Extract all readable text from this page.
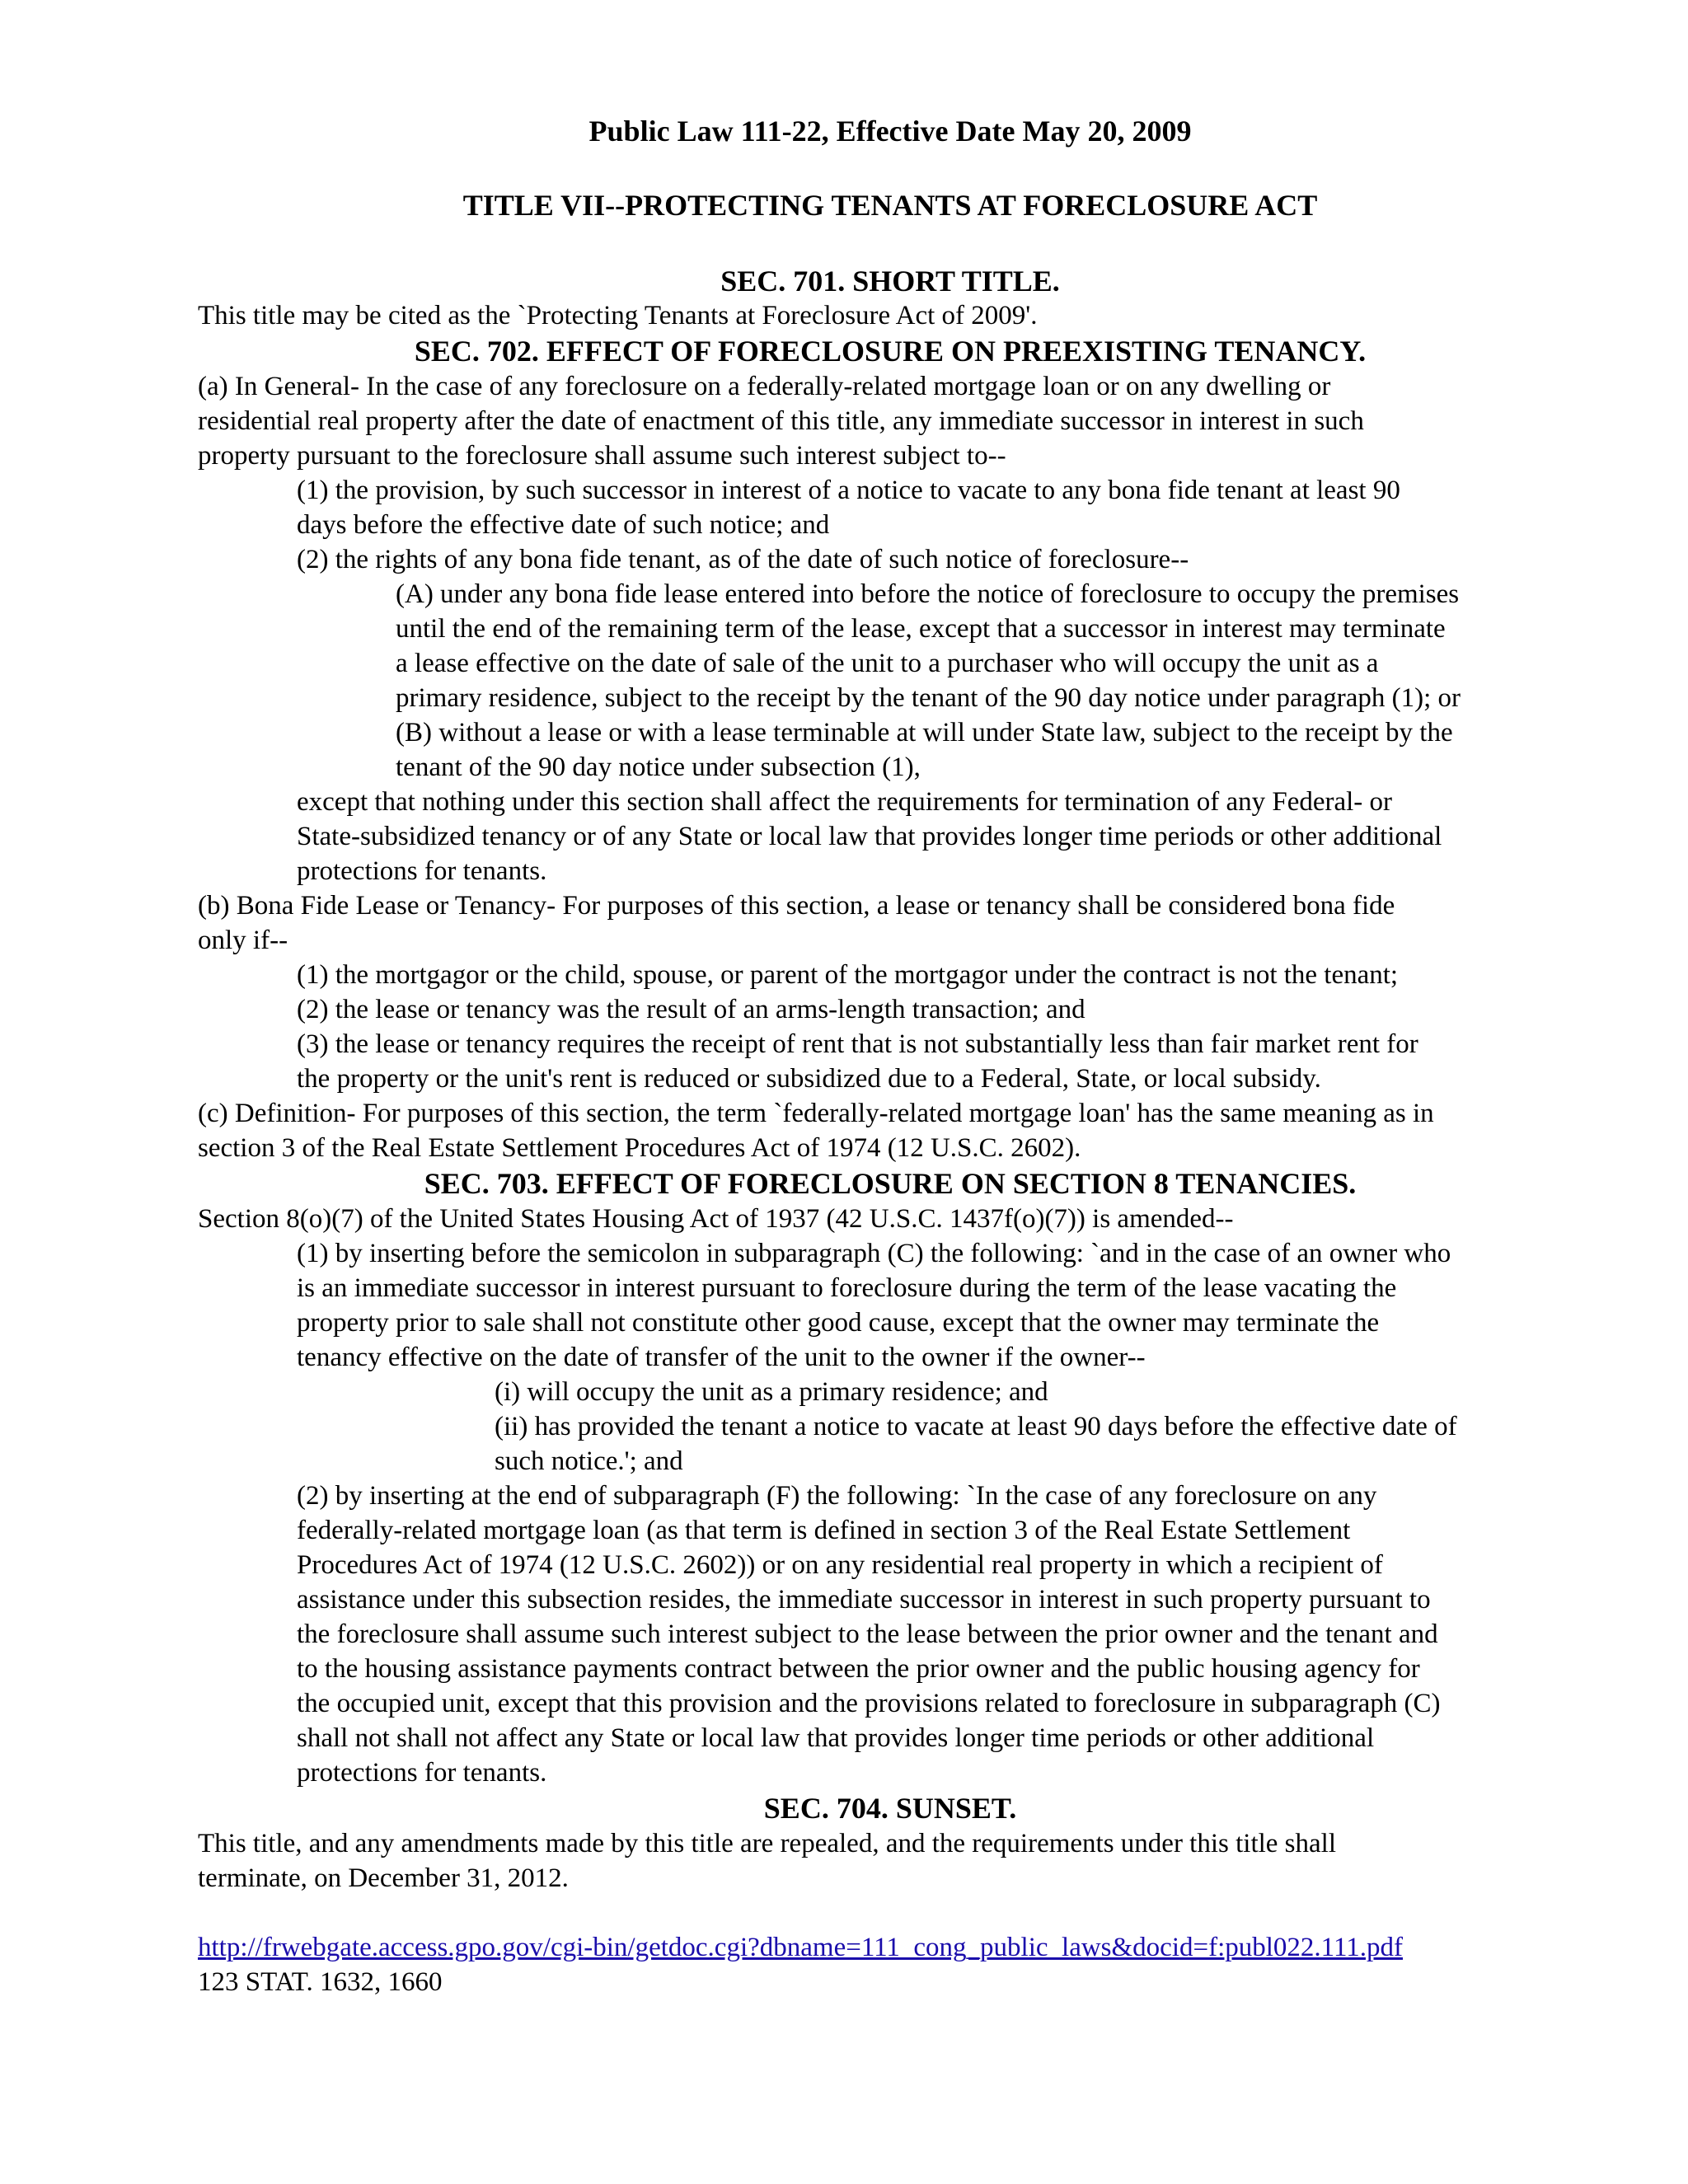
Public Law 111-22, Effective Date May 20, 2009
TITLE VII--PROTECTING TENANTS AT FORECLOSURE ACT
SEC. 701. SHORT TITLE.

This title may be cited as the `Protecting Tenants at Foreclosure Act of 2009'.

SEC. 702. EFFECT OF FORECLOSURE ON PREEXISTING TENANCY.

(a) In General- In the case of any foreclosure on a federally-related mortgage loan or on any dwelling or

residential real property after the date of enactment of this title, any immediate successor in interest in such

property pursuant to the foreclosure shall assume such interest subject to--

(1) the provision, by such successor in interest of a notice to vacate to any bona fide tenant at least 90

days before the effective date of such notice; and

(2) the rights of any bona fide tenant, as of the date of such notice of foreclosure--

(A) under any bona fide lease entered into before the notice of foreclosure to occupy the premises

until the end of the remaining term of the lease, except that a successor in interest may terminate

a lease effective on the date of sale of the unit to a purchaser who will occupy the unit as a

primary residence, subject to the receipt by the tenant of the 90 day notice under paragraph (1); or

(B) without a lease or with a lease terminable at will under State law, subject to the receipt by the

tenant of the 90 day notice under subsection (1),

except that nothing under this section shall affect the requirements for termination of any Federal- or

State-subsidized tenancy or of any State or local law that provides longer time periods or other additional

protections for tenants.

(b) Bona Fide Lease or Tenancy- For purposes of this section, a lease or tenancy shall be considered bona fide

only if--

(1) the mortgagor or the child, spouse, or parent of the mortgagor under the contract is not the tenant;

(2) the lease or tenancy was the result of an arms-length transaction; and

(3) the lease or tenancy requires the receipt of rent that is not substantially less than fair market rent for

the property or the unit's rent is reduced or subsidized due to a Federal, State, or local subsidy.

(c) Definition- For purposes of this section, the term `federally-related mortgage loan' has the same meaning as in

section 3 of the Real Estate Settlement Procedures Act of 1974 (12 U.S.C. 2602).

SEC. 703. EFFECT OF FORECLOSURE ON SECTION 8 TENANCIES.

Section 8(o)(7) of the United States Housing Act of 1937 (42 U.S.C. 1437f(o)(7)) is amended--

(1) by inserting before the semicolon in subparagraph (C) the following: `and in the case of an owner who

is an immediate successor in interest pursuant to foreclosure during the term of the lease vacating the

property prior to sale shall not constitute other good cause, except that the owner may terminate the

tenancy effective on the date of transfer of the unit to the owner if the owner--

(i) will occupy the unit as a primary residence; and

(ii) has provided the tenant a notice to vacate at least 90 days before the effective date of

such notice.'; and

(2) by inserting at the end of subparagraph (F) the following: `In the case of any foreclosure on any

federally-related mortgage loan (as that term is defined in section 3 of the Real Estate Settlement

Procedures Act of 1974 (12 U.S.C. 2602)) or on any residential real property in which a recipient of

assistance under this subsection resides, the immediate successor in interest in such property pursuant to

the foreclosure shall assume such interest subject to the lease between the prior owner and the tenant and

to the housing assistance payments contract between the prior owner and the public housing agency for

the occupied unit, except that this provision and the provisions related to foreclosure in subparagraph (C)

shall not shall not affect any State or local law that provides longer time periods or other additional

protections for tenants.

SEC. 704. SUNSET.

This title, and any amendments made by this title are repealed, and the requirements under this title shall

terminate, on December 31, 2012.

http://frwebgate.access.gpo.gov/cgi-bin/getdoc.cgi?dbname=111_cong_public_laws&docid=f:publ022.111.pdf

123 STAT. 1632, 1660
